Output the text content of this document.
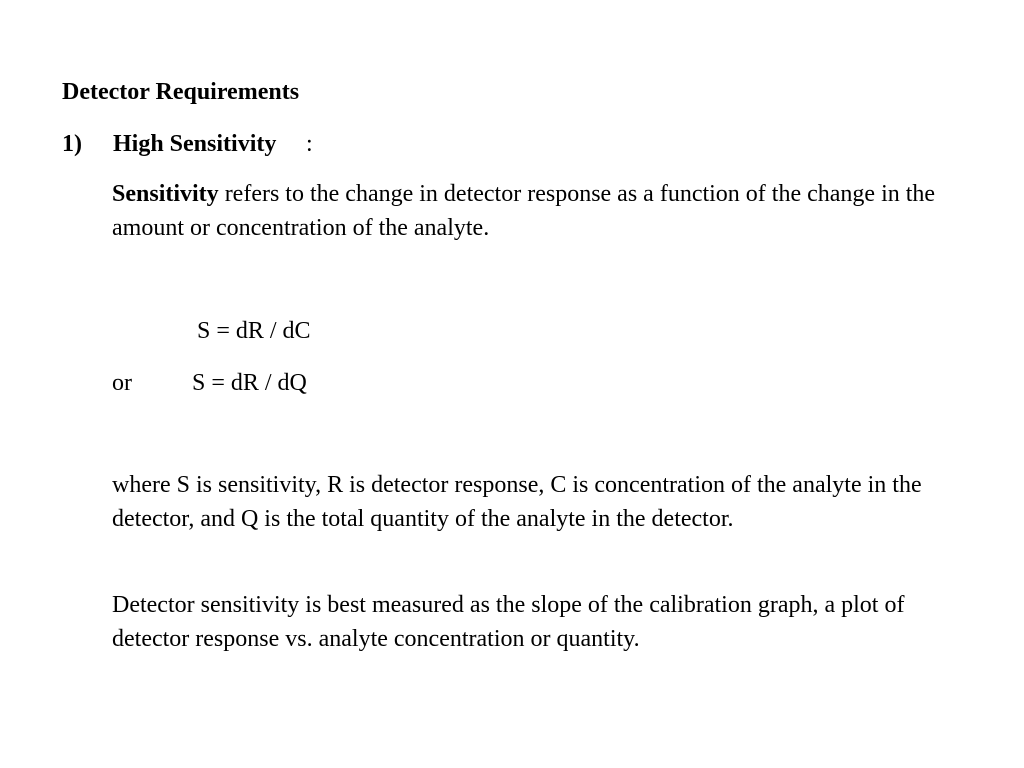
Detector Requirements
1) High Sensitivity :
Sensitivity refers to the change in detector response as a function of the change in the amount or concentration of the analyte.
S = dR / dC
or	S = dR / dQ
where S is sensitivity, R is detector response, C is concentration of the analyte in the detector, and Q is the total quantity of the analyte in the detector.
Detector sensitivity is best measured as the slope of the calibration graph, a plot of detector response vs. analyte concentration or quantity.
